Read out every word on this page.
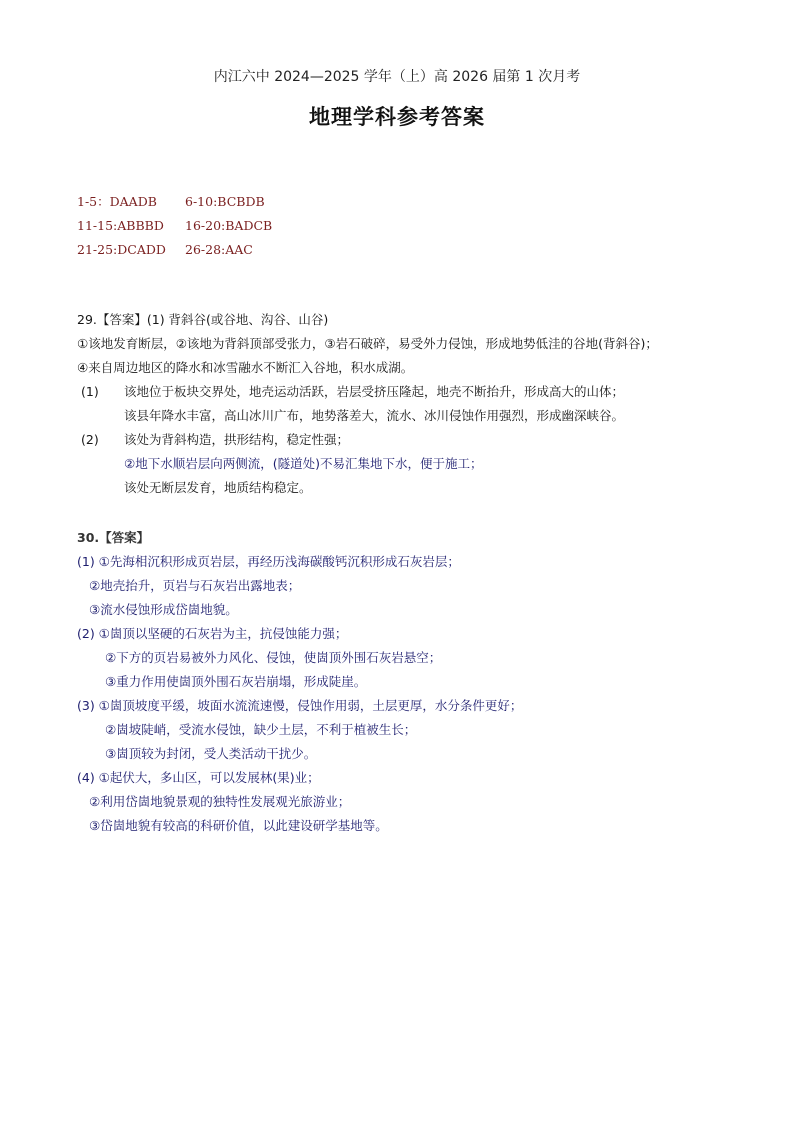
内江六中 2024—2025 学年（上）高 2026 届第 1 次月考
地理学科参考答案
1-5：DAADB 6-10:BCBDB
11-15:ABBBD 16-20:BADCB
21-25:DCADD 26-28:AAC
29.【答案】(1) 背斜谷(或谷地、沟谷、山谷)
①该地发育断层，②该地为背斜顶部受张力，③岩石破碎，易受外力侵蚀，形成地势低洼的谷地(背斜谷)；
④来自周边地区的降水和冰雪融水不断汇入谷地，积水成湖。
(1) 该地位于板块交界处，地壳运动活跃，岩层受挤压隆起，地壳不断抬升，形成高大的山体；
该县年降水丰富，高山冰川广布，地势落差大，流水、冰川侵蚀作用强烈，形成幽深峡谷。
(2) 该处为背斜构造，拱形结构，稳定性强；
②地下水顺岩层向两侧流，(隧道处)不易汇集地下水，便于施工；
该处无断层发育，地质结构稳定。
30.【答案】
(1) ①先海相沉积形成页岩层，再经历浅海碳酸钙沉积形成石灰岩层；
②地壳抬升，页岩与石灰岩出露地表；
③流水侵蚀形成岱崮地貌。
(2) ①崮顶以坚硬的石灰岩为主，抗侵蚀能力强；
②下方的页岩易被外力风化、侵蚀，使崮顶外围石灰岩悬空；
③重力作用使崮顶外围石灰岩崩塌，形成陡崖。
(3) ①崮顶坡度平缓，坡面水流流速慢，侵蚀作用弱，土层更厚，水分条件更好；
②崮坡陡峭，受流水侵蚀，缺少土层，不利于植被生长；
③崮顶较为封闭，受人类活动干扰少。
(4) ①起伏大，多山区，可以发展林(果)业；
②利用岱崮地貌景观的独特性发展观光旅游业；
③岱崮地貌有较高的科研价值，以此建设研学基地等。
